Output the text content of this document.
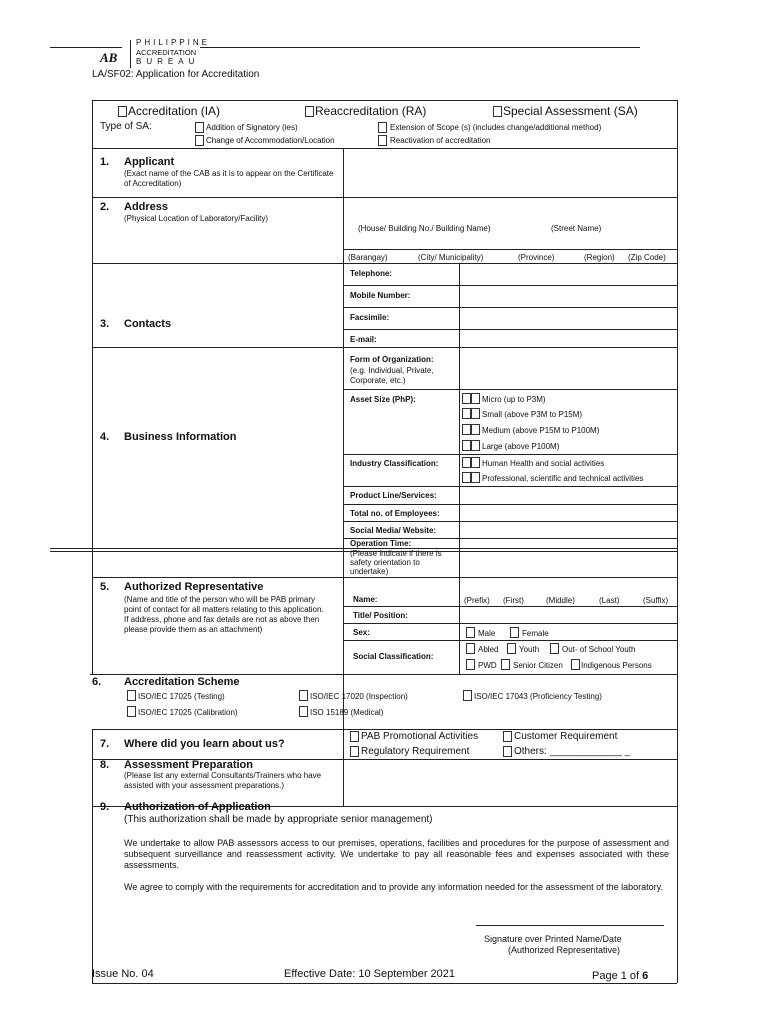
AB
PHILIPPINE
ACCREDITATION
BUREAU
LA/SF02: Application for Accreditation
Accreditation (IA)	Reaccreditation (RA)	Special Assessment (SA)
Type of SA:	Addition of Signatory (ies)
Change of Accommodation/Location
Extension of Scope (s) (includes change/additional method)
Reactivation of accreditation
1. Applicant
(Exact name of the CAB as it is to appear on the Certificate of Accreditation)
2. Address
(Physical Location of Laboratory/Facility)
(House/ Building No./ Building Name)	(Street Name)
(Barangay)	(City/ Municipality)	(Province)	(Region) (Zip Code)
3. Contacts
Telephone:
Mobile Number:
Facsimile:
E-mail:
4. Business Information
Form of Organization:
(e.g. Individual, Private, Corporate, etc.)
Asset Size (PhP):	Micro (up to P3M)
Small (above P3M to P15M)
Medium (above P15M to P100M)
Large (above P100M)
Industry Classification:	Human Health and social activities
Professional, scientific and technical activities
Product Line/Services:
Total no. of Employees:
Social Media/ Website:
Operation Time:
(Please indicate if there is safety orientation to undertake)
5. Authorized Representative
(Name and title of the person who will be PAB primary point of contact for all matters relating to this application. If address, phone and fax details are not as above then please provide them as an attachment)
Name:	(Prefix) (First)	(Middle)	(Last)	(Suffix)
Title/ Position:
Sex:	Male	Female
Social Classification:
Abled	Youth	Out- of School Youth
PWD Senior Citizen Indigenous Persons
6. Accreditation Scheme
ISO/IEC 17025 (Testing)	ISO/IEC 17020 (Inspection)	ISO/IEC 17043 (Proficiency Testing)
ISO/IEC 17025 (Calibration)	ISO 15189 (Medical)
7. Where did you learn about us?
PAB Promotional Activities	Customer Requirement
Regulatory Requirement	Others: _____________ _
8. Assessment Preparation
(Please list any external Consultants/Trainers who have assisted with your assessment preparations.)
9. Authorization of Application
(This authorization shall be made by appropriate senior management)
We undertake to allow PAB assessors access to our premises, operations, facilities and procedures for the purpose of assessment and subsequent surveillance and reassessment activity. We undertake to pay all reasonable fees and expenses associated with these assessments.
We agree to comply with the requirements for accreditation and to provide any information needed for the assessment of the laboratory.
Signature over Printed Name/Date
(Authorized Representative)
Issue No. 04	Effective Date: 10 September 2021	Page 1 of 6
